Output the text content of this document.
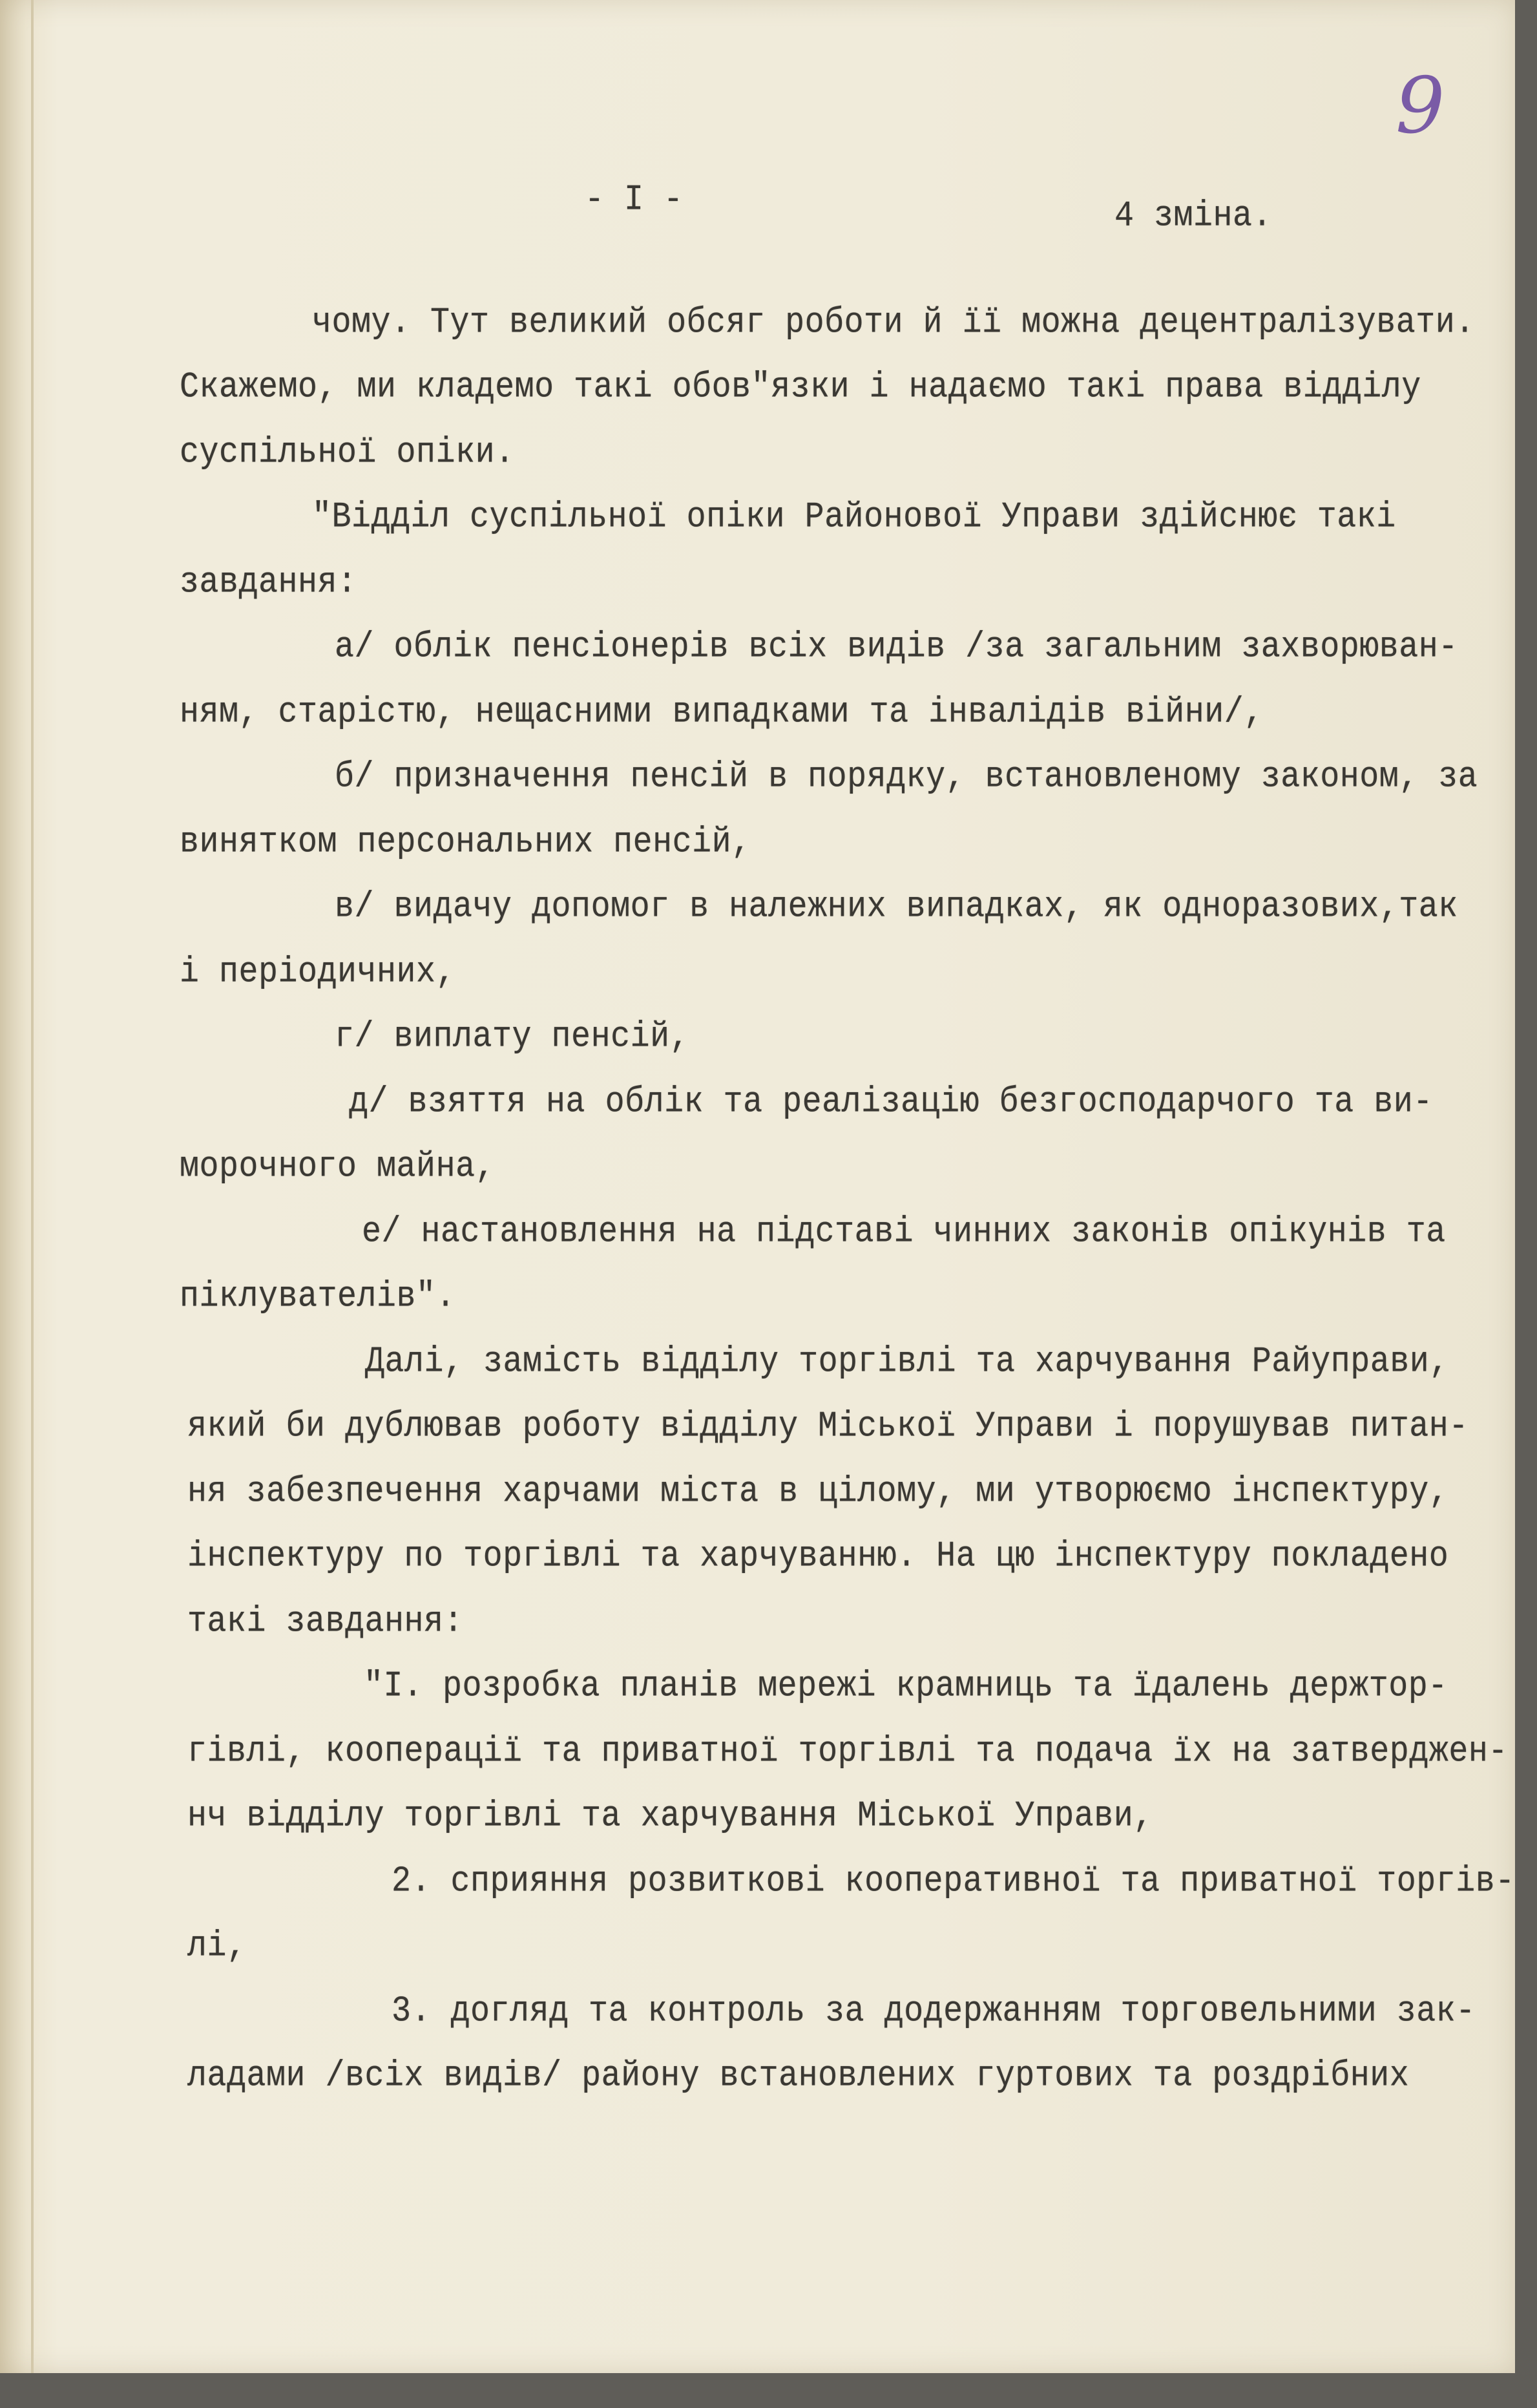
9
- I -	4 зміна.
чому. Тут великий обсяг роботи й її можна децентралізувати.
Скажемо, ми кладемо такі обов"язки і надаємо такі права відділу
суспільної опіки.
"Відділ суспільної опіки Районової Управи здійснює такі
завдання:
а/ облік пенсіонерів всіх видів /за загальним захворюван-
ням, старістю, нещасними випадками та інвалідів війни/,
б/ призначення пенсій в порядку, встановленому законом, за
винятком персональних пенсій,
в/ видачу допомог в належних випадках, як одноразових,так
і періодичних,
г/ виплату пенсій,
д/ взяття на облік та реалізацію безгосподарчого та ви-
морочного майна,
е/ настановлення на підставі чинних законів опікунів та
піклувателів".
Далі, замість відділу торгівлі та харчування Райуправи,
який би дублював роботу відділу Міської Управи і порушував питан-
ня забезпечення харчами міста в цілому, ми утворюємо інспектуру,
інспектуру по торгівлі та харчуванню. На цю інспектуру покладено
такі завдання:
"I. розробка планів мережі крамниць та їдалень держтор-
гівлі, кооперації та приватної торгівлі та подача їх на затверджен-
нч відділу торгівлі та харчування Міської Управи,
2. сприяння розвиткові кооперативної та приватної торгів-
лі,
3. догляд та контроль за додержанням торговельними зак-
ладами /всіх видів/ району встановлених гуртових та роздрібних
